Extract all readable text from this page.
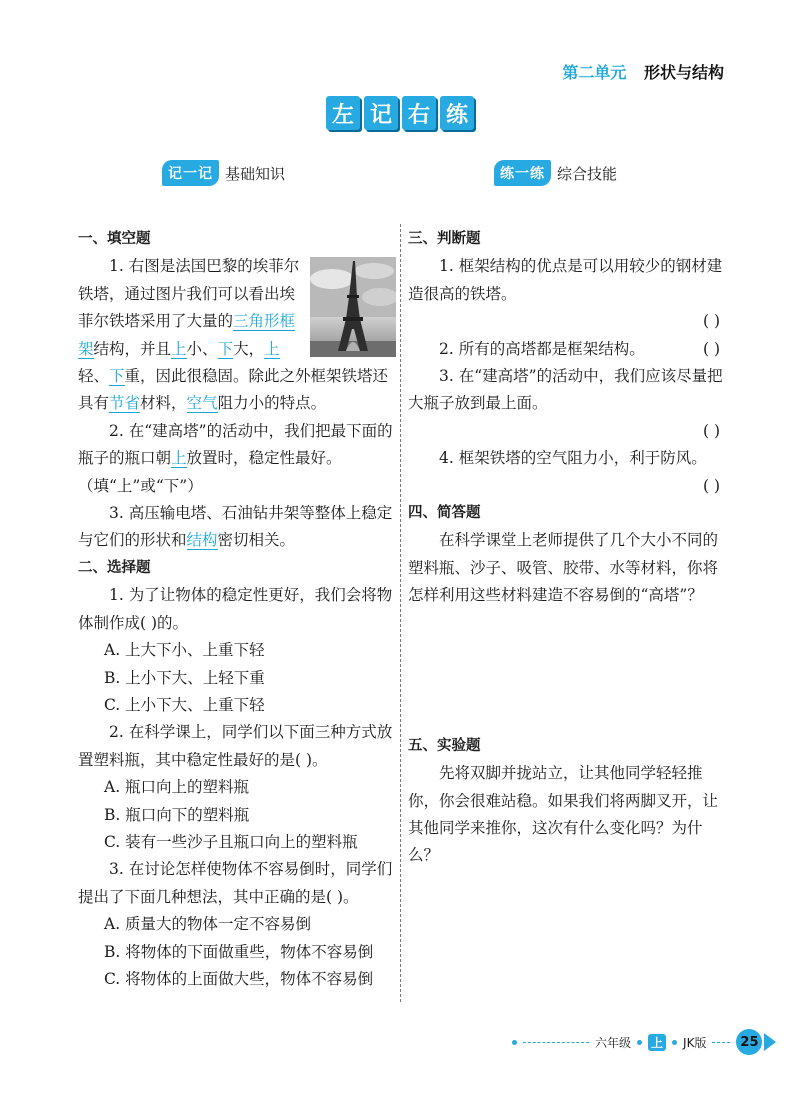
第二单元 形状与结构
左 记 右 练
记一记 基础知识	练一练 综合技能

一、填空题

1. 右图是法国巴黎的埃菲尔铁塔，通过图片我们可以看出埃菲尔铁塔采用了大量的三角形框架结构，并且上小、下大，上轻、下重，因此很稳固。除此之外框架铁塔还具有节省材料，空气阻力小的特点。

2. 在“建高塔”的活动中，我们把最下面的瓶子的瓶口朝上放置时，稳定性最好。（填“上”或“下”）

3. 高压输电塔、石油钻井架等整体上稳定与它们的形状和结构密切相关。

二、选择题

1. 为了让物体的稳定性更好，我们会将物体制作成( )的。

A. 上大下小、上重下轻

B. 上小下大、上轻下重

C. 上小下大、上重下轻

2. 在科学课上，同学们以下面三种方式放置塑料瓶，其中稳定性最好的是( )。

A. 瓶口向上的塑料瓶

B. 瓶口向下的塑料瓶

C. 装有一些沙子且瓶口向上的塑料瓶

3. 在讨论怎样使物体不容易倒时，同学们提出了下面几种想法，其中正确的是( )。

A. 质量大的物体一定不容易倒

B. 将物体的下面做重些，物体不容易倒

C. 将物体的上面做大些，物体不容易倒

三、判断题

1. 框架结构的优点是可以用较少的钢材建造很高的铁塔。

( )
( )

2. 所有的高塔都是框架结构。

3. 在“建高塔”的活动中，我们应该尽量把大瓶子放到最上面。

( )

4. 框架铁塔的空气阻力小，利于防风。

( )

四、简答题

在科学课堂上老师提供了几个大小不同的塑料瓶、沙子、吸管、胶带、水等材料，你将怎样利用这些材料建造不容易倒的“高塔”？

五、实验题

先将双脚并拢站立，让其他同学轻轻推你，你会很难站稳。如果我们将两脚叉开，让其他同学来推你，这次有什么变化吗？为什么？

六年级 上 JK版	25
